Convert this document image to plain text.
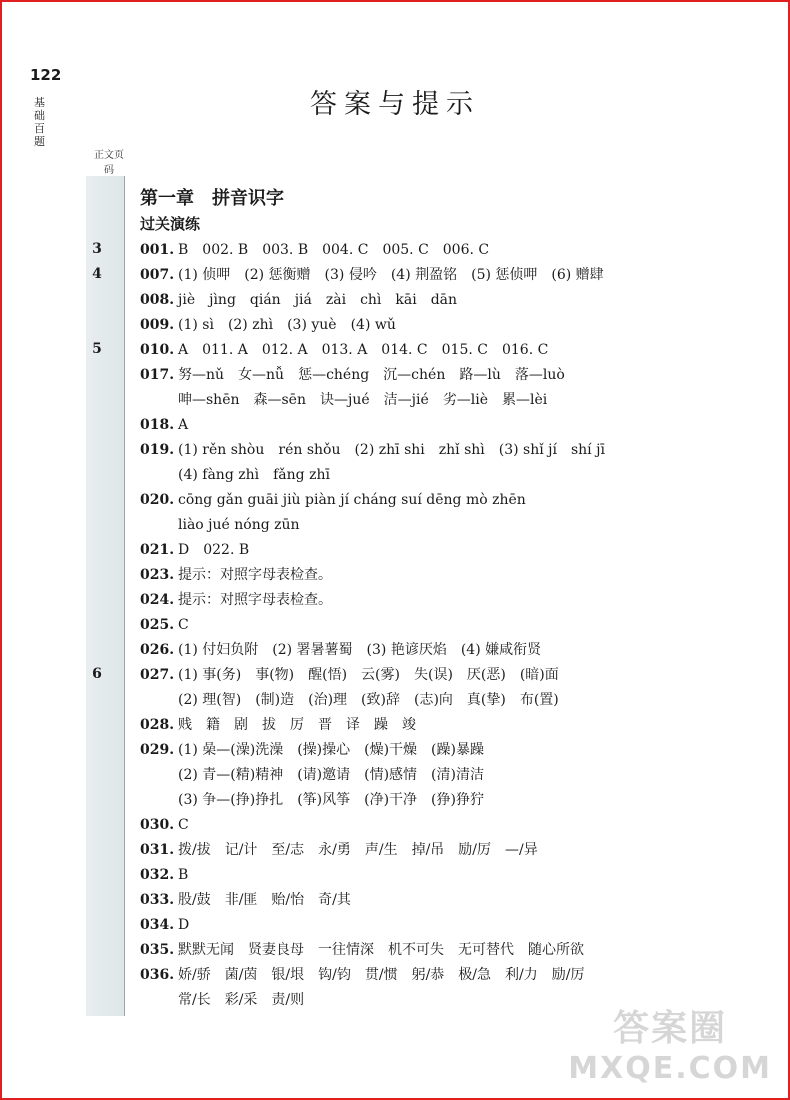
122
基础百题
答案与提示
正文页码
3
4
5
6
第一章　拼音识字
过关演练
001. B　002. B　003. B　004. C　005. C　006. C
007. (1) 侦呷　(2) 惩衡赠　(3) 侵吟　(4) 荆盈铭　(5) 惩侦呷　(6) 赠肆
008. jiè　jìng　qián　jiá　zài　chì　kāi　dān
009. (1) sì　(2) zhì　(3) yuè　(4) wǔ
010. A　011. A　012. A　013. A　014. C　015. C　016. C
017. 努—nǔ　女—nǚ　惩—chéng　沉—chén　路—lù　落—luò
呻—shēn　森—sēn　诀—jué　洁—jié　劣—liè　累—lèi
018. A
019. (1) rěn shòu　rén shǒu　(2) zhī shi　zhǐ shì　(3) shǐ jí　shí jī
(4) fàng zhì　fǎng zhī
020. cōng gǎn guāi jiù piàn jí cháng suí dēng mò zhēn
liào jué nóng zūn
021. D　022. B
023. 提示：对照字母表检查。
024. 提示：对照字母表检查。
025. C
026. (1) 付妇负附　(2) 署暑薯蜀　(3) 艳谚厌焰　(4) 嫌咸衔贤
027. (1) 事(务)　事(物)　醒(悟)　云(雾)　失(误)　厌(恶)　(暗)面
(2) 理(智)　(制)造　(治)理　(致)辞　(志)向　真(挚)　布(置)
028. 贱　籍　剧　拔　厉　晋　译　躁　竣
029. (1) 喿—(澡)洗澡　(操)操心　(燥)干燥　(躁)暴躁
(2) 青—(精)精神　(请)邀请　(情)感情　(清)清洁
(3) 争—(挣)挣扎　(筝)风筝　(净)干净　(狰)狰狞
030. C
031. 拨/拔　记/计　至/志　永/勇　声/生　掉/吊　励/厉　—/异
032. B
033. 股/鼓　非/匪　贻/怡　奇/其
034. D
035. 默默无闻　贤妻良母　一往情深　机不可失　无可替代　随心所欲
036. 娇/骄　菌/茵　银/垠　钩/钧　贯/惯　躬/恭　极/急　利/力　励/厉
常/长　彩/采　责/则
答案圈
MXQE.COM
